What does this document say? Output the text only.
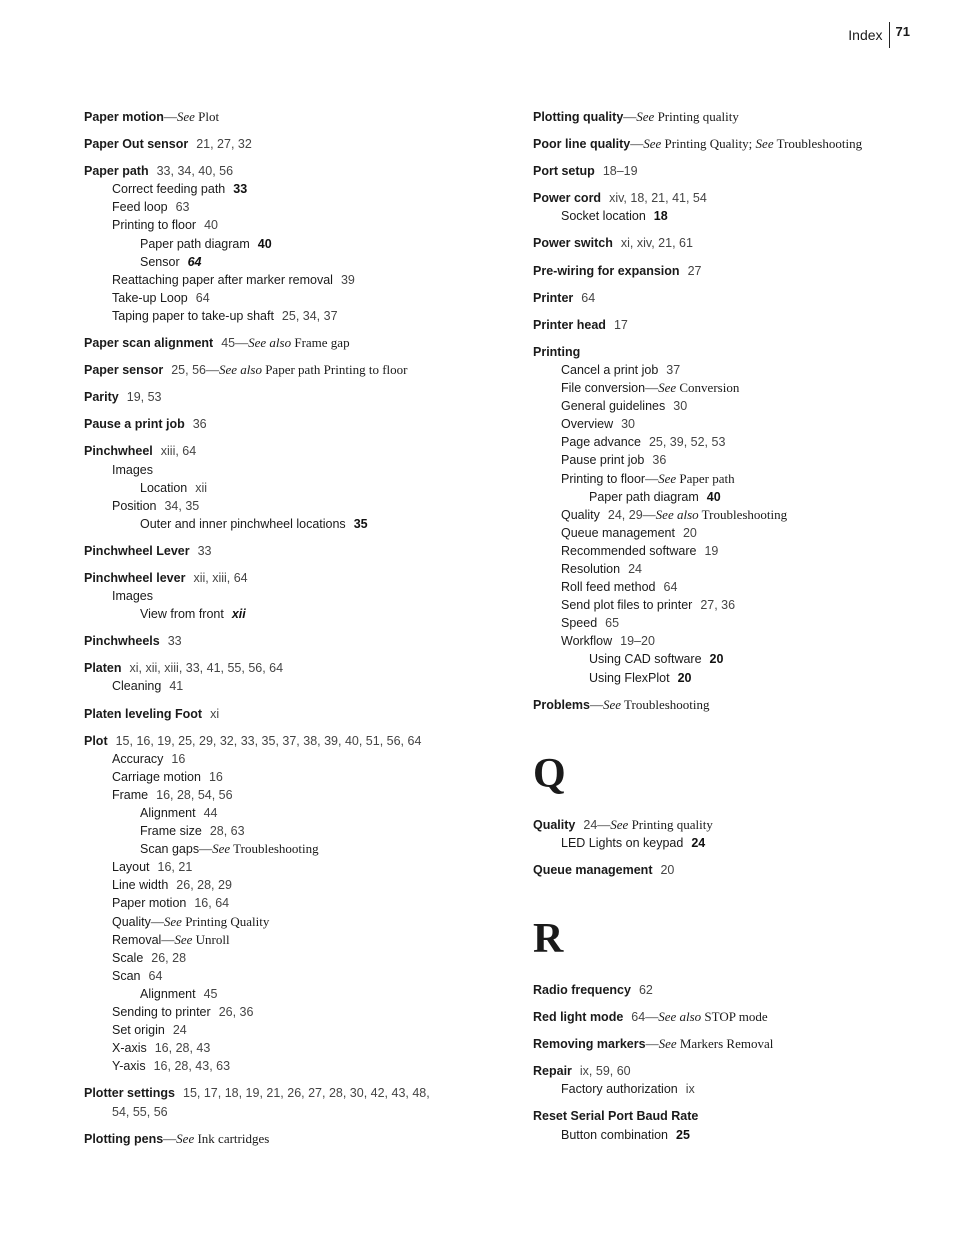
Index	71
Paper motion—See Plot
Paper Out sensor 21, 27, 32
Paper path 33, 34, 40, 56
Correct feeding path 33
Feed loop 63
Printing to floor 40
Paper path diagram 40
Sensor 64
Reattaching paper after marker removal 39
Take-up Loop 64
Taping paper to take-up shaft 25, 34, 37
Paper scan alignment 45—See also Frame gap
Paper sensor 25, 56—See also Paper path Printing to floor
Parity 19, 53
Pause a print job 36
Pinchwheel xiii, 64
Images
Location xii
Position 34, 35
Outer and inner pinchwheel locations 35
Pinchwheel Lever 33
Pinchwheel lever xii, xiii, 64
Images
View from front xii
Pinchwheels 33
Platen xi, xii, xiii, 33, 41, 55, 56, 64
Cleaning 41
Platen leveling Foot xi
Plot 15, 16, 19, 25, 29, 32, 33, 35, 37, 38, 39, 40, 51, 56, 64
Accuracy 16
Carriage motion 16
Frame 16, 28, 54, 56
Alignment 44
Frame size 28, 63
Scan gaps—See Troubleshooting
Layout 16, 21
Line width 26, 28, 29
Paper motion 16, 64
Quality—See Printing Quality
Removal—See Unroll
Scale 26, 28
Scan 64
Alignment 45
Sending to printer 26, 36
Set origin 24
X-axis 16, 28, 43
Y-axis 16, 28, 43, 63
Plotter settings 15, 17, 18, 19, 21, 26, 27, 28, 30, 42, 43, 48,
54, 55, 56
Plotting pens—See Ink cartridges
Plotting quality—See Printing quality
Poor line quality—See Printing Quality; See Troubleshooting
Port setup 18–19
Power cord xiv, 18, 21, 41, 54
Socket location 18
Power switch xi, xiv, 21, 61
Pre-wiring for expansion 27
Printer 64
Printer head 17
Printing
Cancel a print job 37
File conversion—See Conversion
General guidelines 30
Overview 30
Page advance 25, 39, 52, 53
Pause print job 36
Printing to floor—See Paper path
Paper path diagram 40
Quality 24, 29—See also Troubleshooting
Queue management 20
Recommended software 19
Resolution 24
Roll feed method 64
Send plot files to printer 27, 36
Speed 65
Workflow 19–20
Using CAD software 20
Using FlexPlot 20
Problems—See Troubleshooting
Q
Quality 24—See Printing quality
LED Lights on keypad 24
Queue management 20
R
Radio frequency 62
Red light mode 64—See also STOP mode
Removing markers—See Markers Removal
Repair ix, 59, 60
Factory authorization ix
Reset Serial Port Baud Rate
Button combination 25
